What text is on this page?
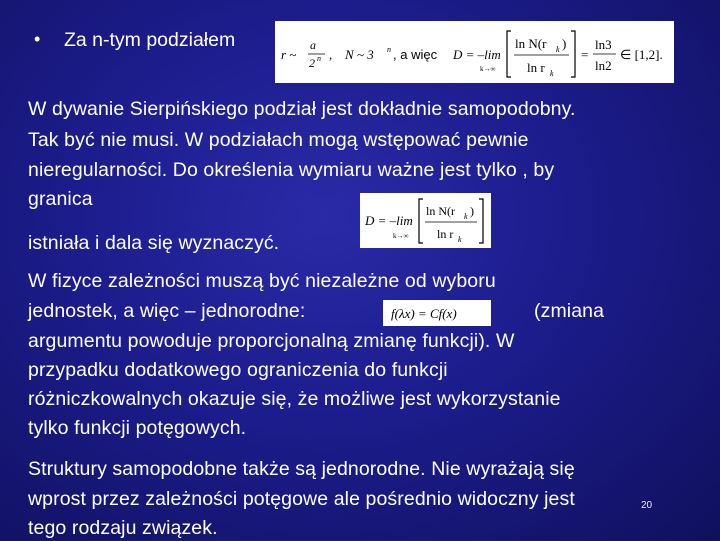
• Za n-tym podziałem
r ~
a
2 n , N ~ 3 n , a więc D = –lim
k→∞
ln N(r k )
ln r k
=
ln3
ln2
∈ [1,2].
W dywanie Sierpińskiego podział jest dokładnie samopodobny.
Tak być nie musi. W podziałach mogą wstępować pewnie
nieregularności. Do określenia wymiaru ważne jest tylko , by
granica
D = –lim
k→∞
ln N(r k )
ln r k
istniała i dala się wyznaczyć.
W fizyce zależności muszą być niezależne od wyboru
jednostek, a więc – jednorodne:	f(λx) = Cf(x)	(zmiana
argumentu powoduje proporcjonalną zmianę funkcji). W
przypadku dodatkowego ograniczenia do funkcji
różniczkowalnych okazuje się, że możliwe jest wykorzystanie
tylko funkcji potęgowych.
Struktury samopodobne także są jednorodne. Nie wyrażają się
wprost przez zależności potęgowe ale pośrednio widoczny jest
tego rodzaju związek.
20
